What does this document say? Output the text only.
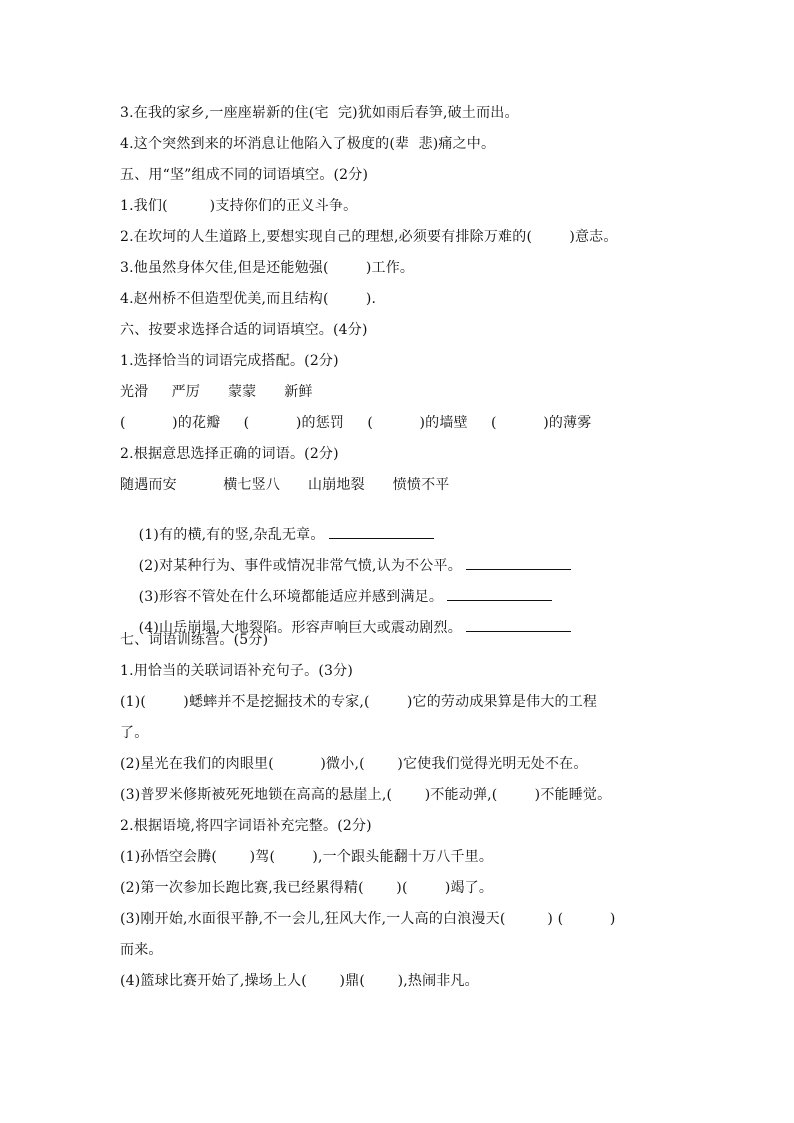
3.在我的家乡,一座座崭新的住(宅  完)犹如雨后春笋,破土而出。
4.这个突然到来的坏消息让他陷入了极度的(辈  悲)痛之中。
五、用“坚”组成不同的词语填空。(2分)
1.我们(         )支持你们的正义斗争。
2.在坎坷的人生道路上,要想实现自己的理想,必须要有排除万难的(        )意志。
3.他虽然身体欠佳,但是还能勉强(        )工作。
4.赵州桥不但造型优美,而且结构(        ).
六、按要求选择合适的词语填空。(4分)
1.选择恰当的词语完成搭配。(2分)
光滑     严厉      蒙蒙      新鲜
(          )的花瓣     (          )的惩罚     (          )的墙壁     (          )的薄雾
2.根据意思选择正确的词语。(2分)
随遇而安          横七竖八      山崩地裂      愤愤不平

(1)有的横,有的竖,杂乱无章。

(2)对某种行为、事件或情况非常气愤,认为不公平。

(3)形容不管处在什么环境都能适应并感到满足。

(4)山岳崩塌,大地裂陷。形容声响巨大或震动剧烈。

七、词语训练营。(5分)
1.用恰当的关联词语补充句子。(3分)
(1)(        )蟋蟀并不是挖掘技术的专家,(        )它的劳动成果算是伟大的工程
了。
(2)星光在我们的肉眼里(          )微小,(       )它使我们觉得光明无处不在。
(3)普罗米修斯被死死地锁在高高的悬崖上,(       )不能动弹,(        )不能睡觉。
2.根据语境,将四字词语补充完整。(2分)
(1)孙悟空会腾(       )驾(        ),一个跟头能翻十万八千里。
(2)第一次参加长跑比赛,我已经累得精(       )(        )竭了。
(3)刚开始,水面很平静,不一会儿,狂风大作,一人高的白浪漫天(         ) (          )
而来。
(4)篮球比赛开始了,操场上人(       )鼎(       ),热闹非凡。
